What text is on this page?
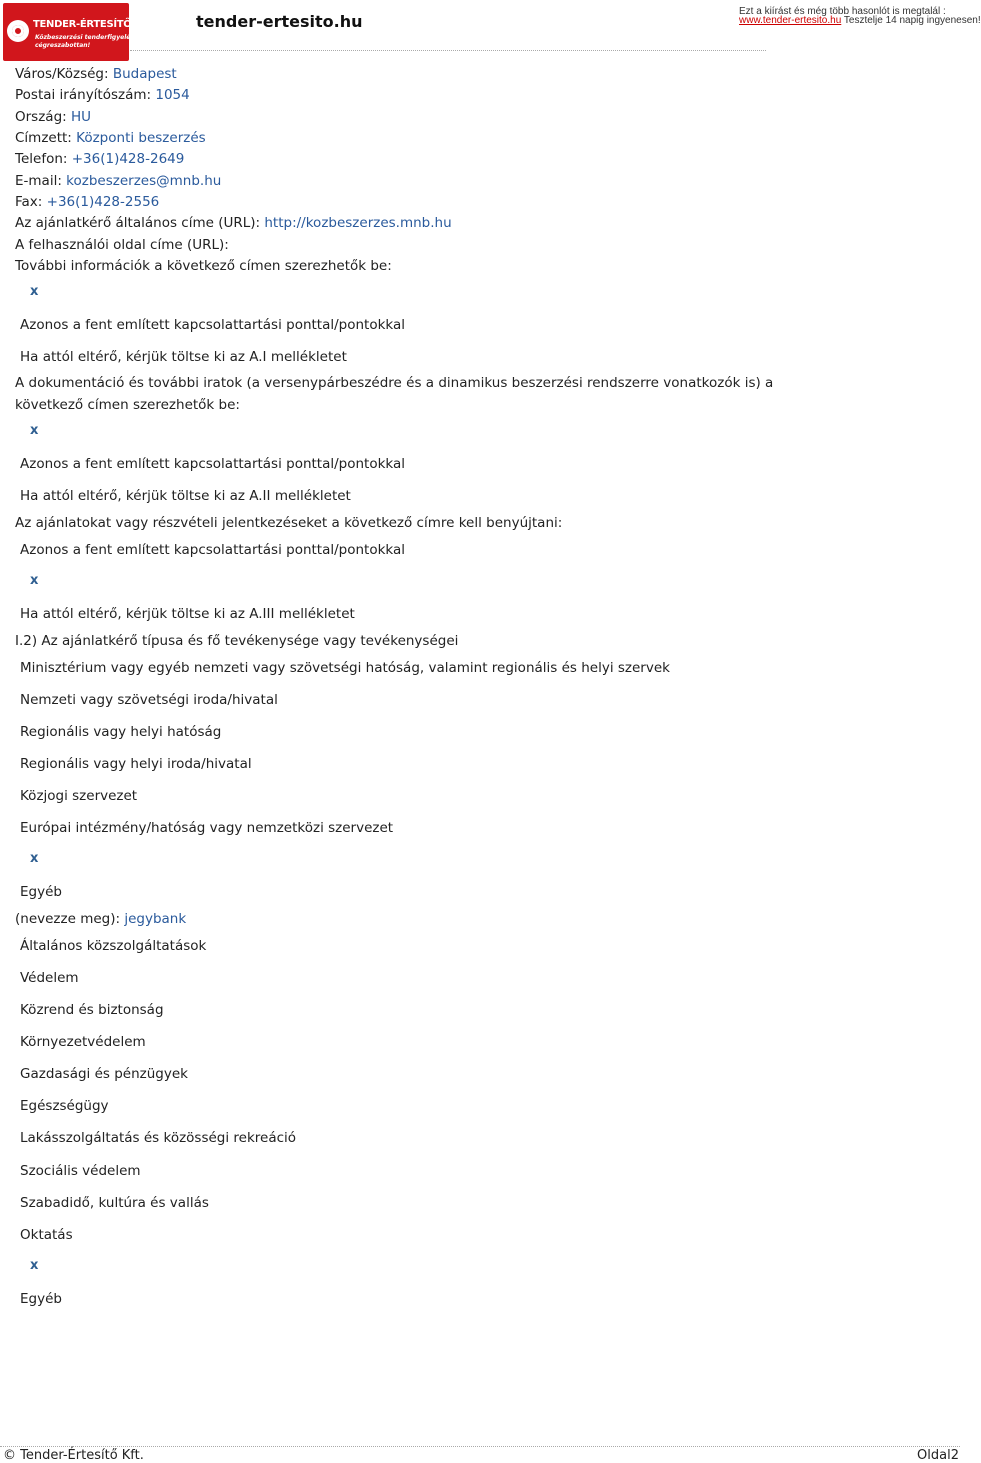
TENDER-ÉRTESÍTŐ.hu
Közbeszerzési tenderfigyelés
cégreszabottan!
tender-ertesito.hu
Ezt a kiírást és még több hasonlót is megtalál :
www.tender-ertesito.hu Tesztelje 14 napig ingyenesen!
Város/Község: Budapest
Postai irányítószám: 1054
Ország: HU
Címzett: Központi beszerzés
Telefon: +36(1)428-2649
E-mail: kozbeszerzes@mnb.hu
Fax: +36(1)428-2556
Az ajánlatkérő általános címe (URL): http://kozbeszerzes.mnb.hu
A felhasználói oldal címe (URL):
További információk a következő címen szerezhetők be:
x
Azonos a fent említett kapcsolattartási ponttal/pontokkal
Ha attól eltérő, kérjük töltse ki az A.I mellékletet
A dokumentáció és további iratok (a versenypárbeszédre és a dinamikus beszerzési rendszerre vonatkozók is) a következő címen szerezhetők be:
x
Azonos a fent említett kapcsolattartási ponttal/pontokkal
Ha attól eltérő, kérjük töltse ki az A.II mellékletet
Az ajánlatokat vagy részvételi jelentkezéseket a következő címre kell benyújtani:
Azonos a fent említett kapcsolattartási ponttal/pontokkal
x
Ha attól eltérő, kérjük töltse ki az A.III mellékletet
I.2) Az ajánlatkérő típusa és fő tevékenysége vagy tevékenységei
Minisztérium vagy egyéb nemzeti vagy szövetségi hatóság, valamint regionális és helyi szervek
Nemzeti vagy szövetségi iroda/hivatal
Regionális vagy helyi hatóság
Regionális vagy helyi iroda/hivatal
Közjogi szervezet
Európai intézmény/hatóság vagy nemzetközi szervezet
x
Egyéb
(nevezze meg): jegybank
Általános közszolgáltatások
Védelem
Közrend és biztonság
Környezetvédelem
Gazdasági és pénzügyek
Egészségügy
Lakásszolgáltatás és közösségi rekreáció
Szociális védelem
Szabadidő, kultúra és vallás
Oktatás
x
Egyéb
© Tender-Értesítő Kft.	Oldal2
